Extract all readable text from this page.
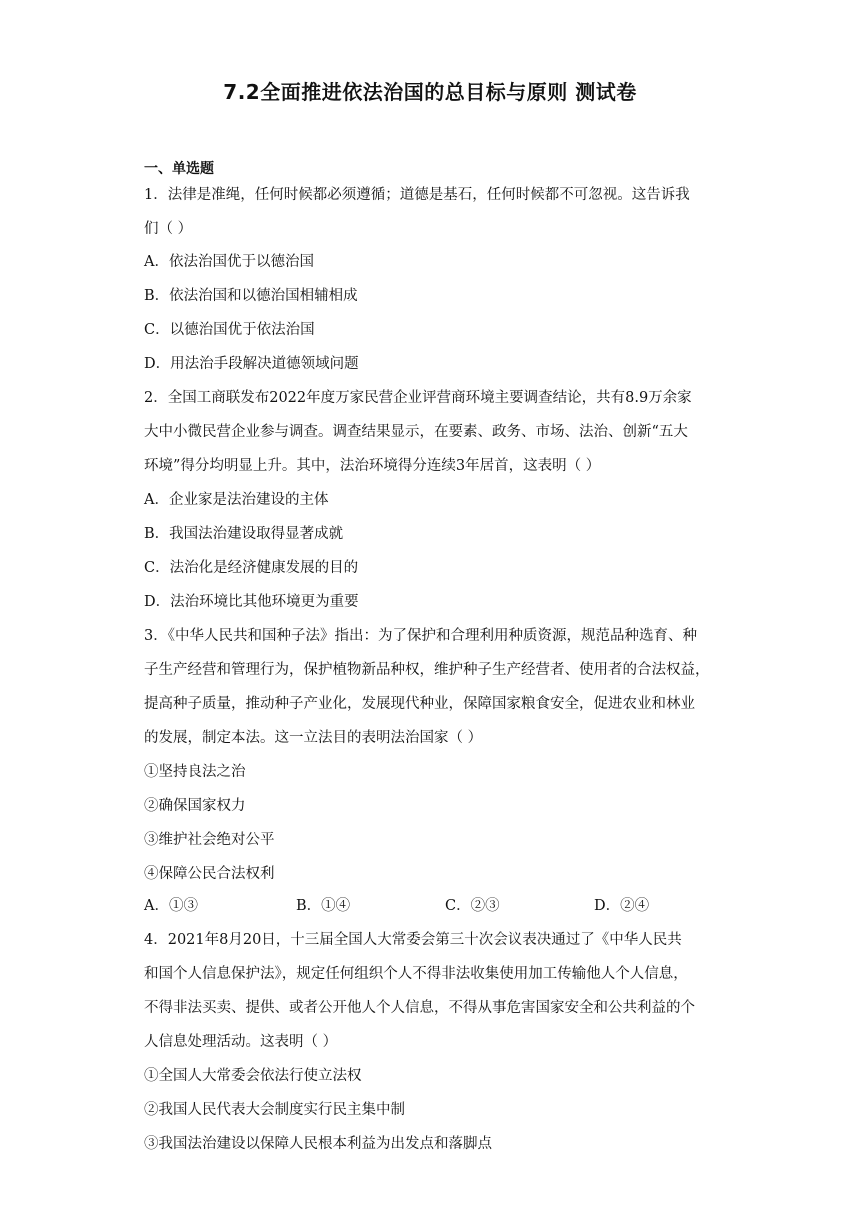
7.2全面推进依法治国的总目标与原则 测试卷
一、单选题
1．法律是准绳，任何时候都必须遵循；道德是基石，任何时候都不可忽视。这告诉我
们（ ）
A．依法治国优于以德治国
B．依法治国和以德治国相辅相成
C．以德治国优于依法治国
D．用法治手段解决道德领域问题
2．全国工商联发布2022年度万家民营企业评营商环境主要调查结论，共有8.9万余家
大中小微民营企业参与调查。调查结果显示，在要素、政务、市场、法治、创新“五大
环境”得分均明显上升。其中，法治环境得分连续3年居首，这表明（ ）
A．企业家是法治建设的主体
B．我国法治建设取得显著成就
C．法治化是经济健康发展的目的
D．法治环境比其他环境更为重要
3．《中华人民共和国种子法》指出：为了保护和合理利用种质资源，规范品种选育、种
子生产经营和管理行为，保护植物新品种权，维护种子生产经营者、使用者的合法权益，
提高种子质量，推动种子产业化，发展现代种业，保障国家粮食安全，促进农业和林业
的发展，制定本法。这一立法目的表明法治国家（ ）
①坚持良法之治
②确保国家权力
③维护社会绝对公平
④保障公民合法权利
A．①③	B．①④	C．②③	D．②④
4．2021年8月20日，十三届全国人大常委会第三十次会议表决通过了《中华人民共
和国个人信息保护法》，规定任何组织个人不得非法收集使用加工传输他人个人信息，
不得非法买卖、提供、或者公开他人个人信息，不得从事危害国家安全和公共利益的个
人信息处理活动。这表明（ ）
①全国人大常委会依法行使立法权
②我国人民代表大会制度实行民主集中制
③我国法治建设以保障人民根本利益为出发点和落脚点
